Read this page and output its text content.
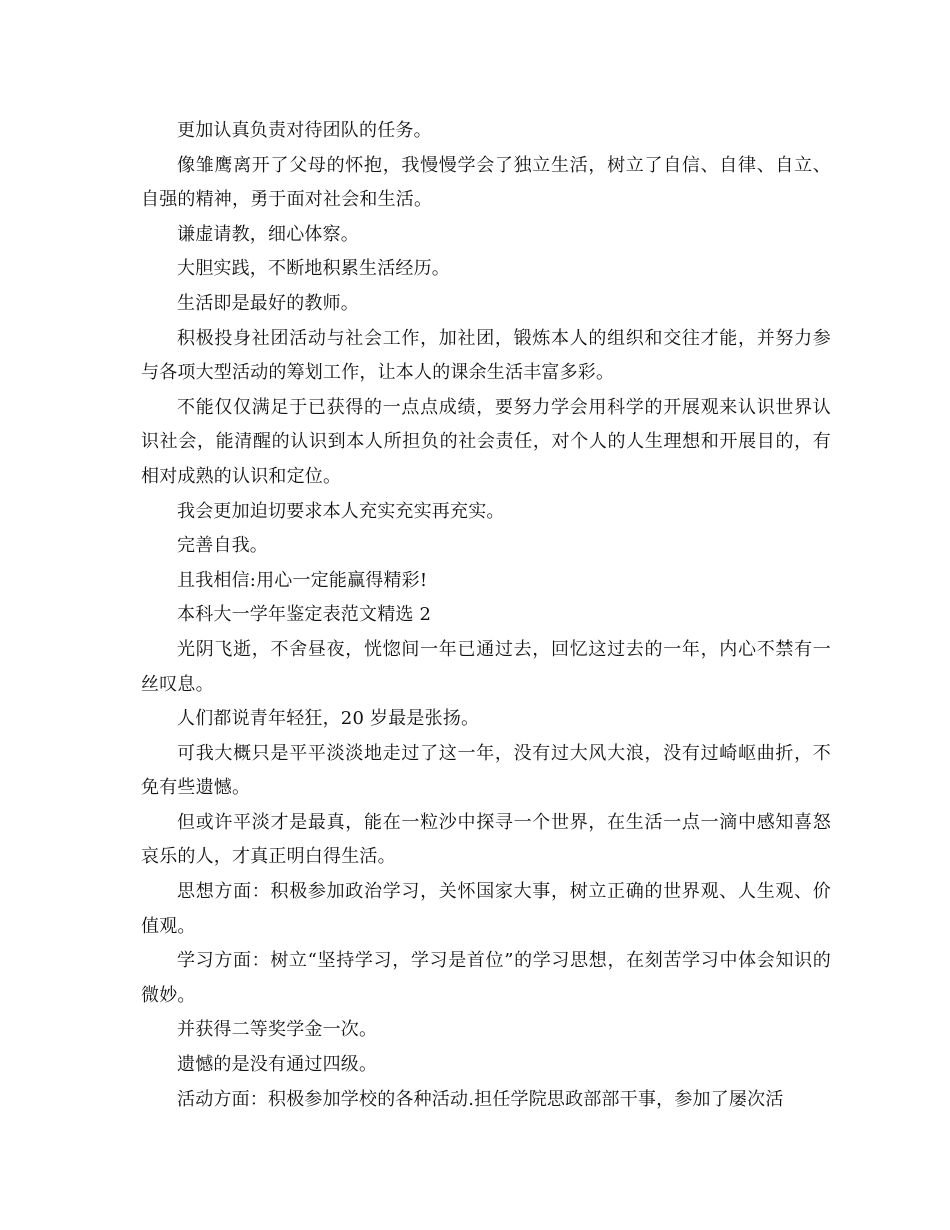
更加认真负责对待团队的任务。

像雏鹰离开了父母的怀抱，我慢慢学会了独立生活，树立了自信、自律、自立、自强的精神，勇于面对社会和生活。

谦虚请教，细心体察。

大胆实践，不断地积累生活经历。

生活即是最好的教师。

积极投身社团活动与社会工作，加社团，锻炼本人的组织和交往才能，并努力参与各项大型活动的筹划工作，让本人的课余生活丰富多彩。

不能仅仅满足于已获得的一点点成绩，要努力学会用科学的开展观来认识世界认识社会，能清醒的认识到本人所担负的社会责任，对个人的人生理想和开展目的，有相对成熟的认识和定位。

我会更加迫切要求本人充实充实再充实。

完善自我。

且我相信:用心一定能赢得精彩!

本科大一学年鉴定表范文精选 2

光阴飞逝，不舍昼夜，恍惚间一年已通过去，回忆这过去的一年，内心不禁有一丝叹息。

人们都说青年轻狂，20 岁最是张扬。

可我大概只是平平淡淡地走过了这一年，没有过大风大浪，没有过崎岖曲折，不免有些遗憾。

但或许平淡才是最真，能在一粒沙中探寻一个世界，在生活一点一滴中感知喜怒哀乐的人，才真正明白得生活。

思想方面：积极参加政治学习，关怀国家大事，树立正确的世界观、人生观、价值观。

学习方面：树立“坚持学习，学习是首位”的学习思想，在刻苦学习中体会知识的微妙。

并获得二等奖学金一次。

遗憾的是没有通过四级。

活动方面：积极参加学校的各种活动.担任学院思政部部干事，参加了屡次活
